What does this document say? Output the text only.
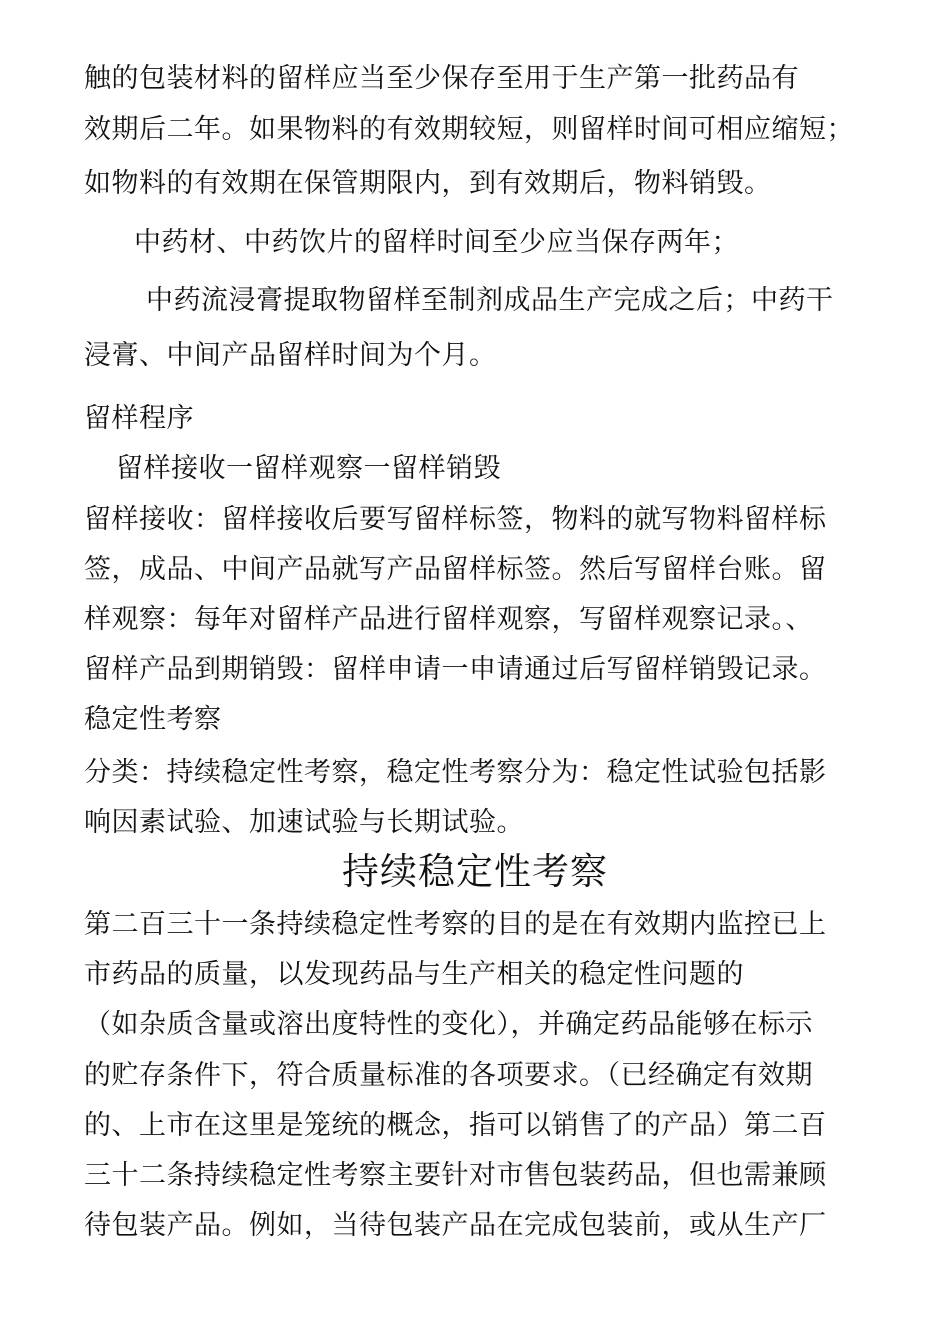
触的包装材料的留样应当至少保存至用于生产第一批药品有
效期后二年。如果物料的有效期较短，则留样时间可相应缩短；
如物料的有效期在保管期限内，到有效期后，物料销毁。
中药材、中药饮片的留样时间至少应当保存两年；
中药流浸膏提取物留样至制剂成品生产完成之后；中药干
浸膏、中间产品留样时间为个月。
留样程序
留样接收一留样观察一留样销毁
留样接收：留样接收后要写留样标签，物料的就写物料留样标
签，成品、中间产品就写产品留样标签。然后写留样台账。留
样观察：每年对留样产品进行留样观察，写留样观察记录。、
留样产品到期销毁：留样申请一申请通过后写留样销毁记录。
稳定性考察
分类：持续稳定性考察，稳定性考察分为：稳定性试验包括影
响因素试验、加速试验与长期试验。
持续稳定性考察
第二百三十一条持续稳定性考察的目的是在有效期内监控已上
市药品的质量，以发现药品与生产相关的稳定性问题的
（如杂质含量或溶出度特性的变化），并确定药品能够在标示
的贮存条件下，符合质量标准的各项要求。（已经确定有效期
的、上市在这里是笼统的概念，指可以销售了的产品）第二百
三十二条持续稳定性考察主要针对市售包装药品，但也需兼顾
待包装产品。例如，当待包装产品在完成包装前，或从生产厂
